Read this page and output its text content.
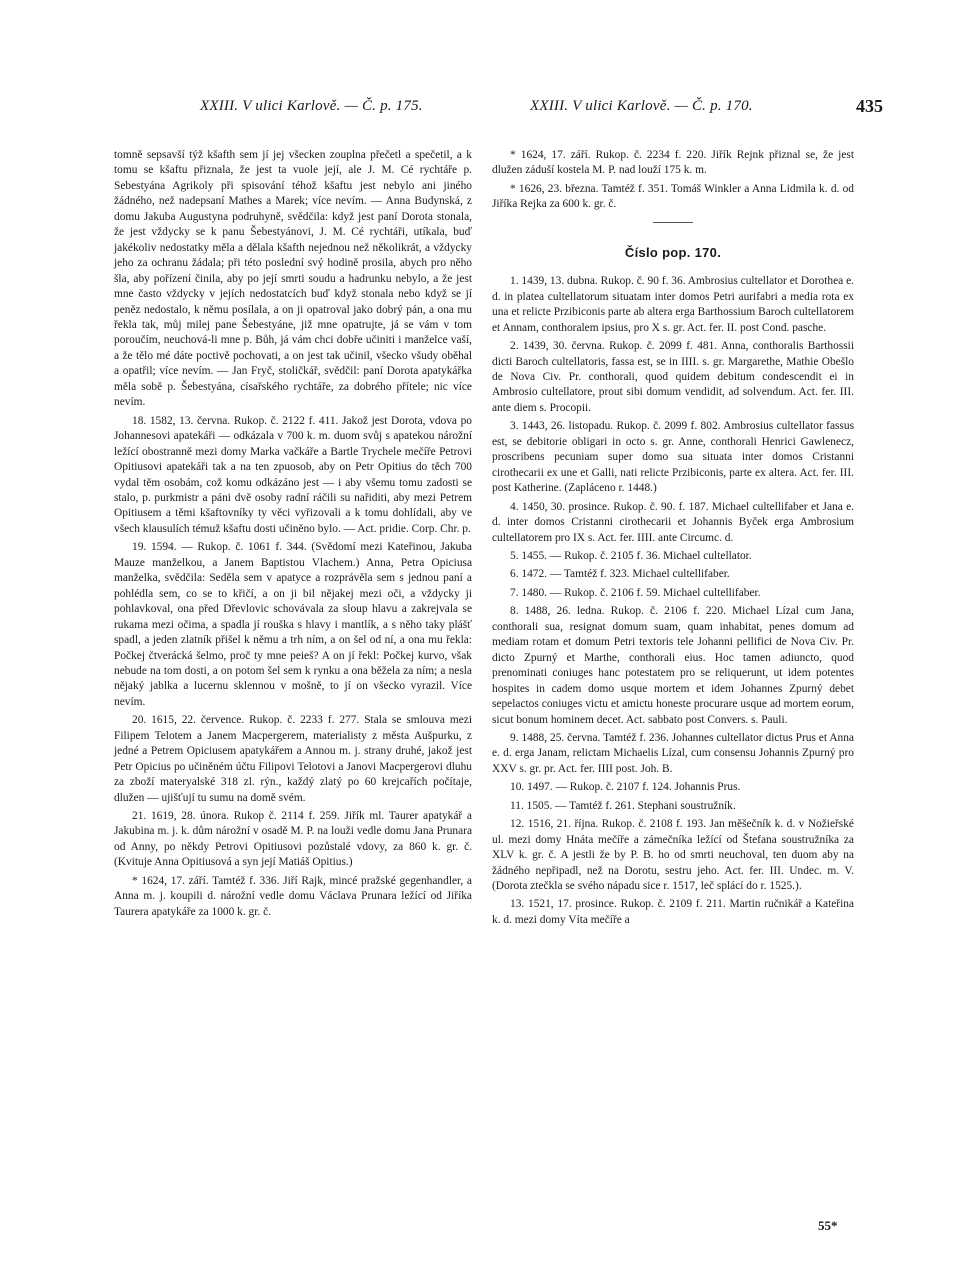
XXIII. V ulici Karlově. — Č. p. 175.	XXIII. V ulici Karlově. — Č. p. 170.	435

tomně sepsavší týž kšafth sem jí jej všecken zouplna přečetl a spečetil, a k tomu se kšaftu přiznala, že jest ta vuole její, ale J. M. Cé rychtáře p. Sebestyána Agrikoly při spisování téhož kšaftu jest nebylo ani jiného žádného, než nadepsaní Mathes a Marek; více nevím. — Anna Budynská, z domu Jakuba Augustyna podruhyně, svědčila: když jest paní Dorota stonala, že jest vždycky se k panu Šebestyánovi, J. M. Cé rychtáři, utíkala, buď jakékoliv nedostatky měla a dělala kšafth nejednou než několikrát, a vždycky jeho za ochranu žádala; při této poslední svý hodině prosila, abych pro něho šla, aby pořízení činila, aby po její smrti soudu a hadrunku nebylo, a že jest mne často vždycky v jejích nedostatcích buď když stonala nebo když se jí peněz nedostalo, k němu posílala, a on ji opatroval jako dobrý pán, a ona mu řekla tak, můj milej pane Šebestyáne, již mne opatrujte, já se vám v tom poroučím, neuchová-li mne p. Bůh, já vám chci dobře učiniti i manželce vaší, a že tělo mé dáte poctivě pochovati, a on jest tak učinil, všecko všudy oběhal a opatřil; více nevím. — Jan Fryč, stoličkář, svědčil: paní Dorota apatykářka měla sobě p. Šebestyána, císařského rychtáře, za dobrého přítele; nic více nevím.

18. 1582, 13. června. Rukop. č. 2122 f. 411. Jakož jest Dorota, vdova po Johannesovi apatekáři — odkázala v 700 k. m. duom svůj s apatekou nárožní ležící obostranně mezi domy Marka vačkáře a Bartle Trychele mečíře Petrovi Opitiusovi apatekáři tak a na ten zpuosob, aby on Petr Opitius do těch 700 vydal těm osobám, což komu odkázáno jest — i aby všemu tomu zadosti se stalo, p. purkmistr a páni dvě osoby radní ráčili su nařiditi, aby mezi Petrem Opitiusem a těmi kšaftovníky ty věci vyřizovali a k tomu dohlídali, aby ve všech klausulích témuž kšaftu dosti učiněno bylo. — Act. pridie. Corp. Chr. p.

19. 1594. — Rukop. č. 1061 f. 344. (Svědomí mezi Kateřinou, Jakuba Mauze manželkou, a Janem Baptistou Vlachem.) Anna, Petra Opiciusa manželka, svědčila: Seděla sem v apatyce a rozprávěla sem s jednou paní a pohlédla sem, co se to křičí, a on ji bil nějakej mezi oči, a vždycky ji pohlavkoval, ona před Dřevlovic schovávala za sloup hlavu a zakrejvala se rukama mezi očima, a spadla jí rouška s hlavy i mantlík, a s něho taky plášť spadl, a jeden zlatník přišel k němu a trh ním, a on šel od ní, a ona mu řekla: Počkej čtverácká šelmo, proč ty mne peieš? A on jí řekl: Počkej kurvo, však nebude na tom dosti, a on potom šel sem k rynku a ona běžela za ním; a nesla nějaký jablka a lucernu sklennou v mošně, to jí on všecko vyrazil. Více nevím.

20. 1615, 22. července. Rukop. č. 2233 f. 277. Stala se smlouva mezi Filipem Telotem a Janem Macpergerem, materialisty z města Aušpurku, z jedné a Petrem Opiciusem apatykářem a Annou m. j. strany druhé, jakož jest Petr Opicius po učiněném účtu Filipovi Telotovi a Janovi Macpergerovi dluhu za zboží materyalské 318 zl. rýn., každý zlatý po 60 krejcařích počítaje, dlužen — ujišťují tu sumu na domě svém.

21. 1619, 28. února. Rukop č. 2114 f. 259. Jiřík ml. Taurer apatykář a Jakubina m. j. k. dům nárožní v osadě M. P. na louži vedle domu Jana Prunara od Anny, po někdy Petrovi Opitiusovi pozůstalé vdovy, za 860 k. gr. č. (Kvituje Anna Opitiusová a syn její Matiáš Opitius.)

* 1624, 17. září. Tamtéž f. 336. Jiří Rajk, mincé pražské gegenhandler, a Anna m. j. koupili d. nárožní vedle domu Václava Prunara ležící od Jiříka Taurera apatykáře za 1000 k. gr. č.

* 1624, 17. září. Rukop. č. 2234 f. 220. Jiřík Rejnk přiznal se, že jest dlužen záduší kostela M. P. nad louží 175 k. m.

* 1626, 23. března. Tamtéž f. 351. Tomáš Winkler a Anna Lidmila k. d. od Jiříka Rejka za 600 k. gr. č.

Číslo pop. 170.

1. 1439, 13. dubna. Rukop. č. 90 f. 36. Ambrosius cultellator et Dorothea e. d. in platea cultellatorum situatam inter domos Petri aurifabri a media rota ex una et relicte Przibiconis parte ab altera erga Barthossium Baroch cultellatorem et Annam, conthoralem ipsius, pro X s. gr. Act. fer. II. post Cond. pasche.

2. 1439, 30. června. Rukop. č. 2099 f. 481. Anna, conthoralis Barthossii dicti Baroch cultellatoris, fassa est, se in IIII. s. gr. Margarethe, Mathie Obešlo de Nova Civ. Pr. conthorali, quod quidem debitum condescendit ei in Ambrosio cultellatore, prout sibi domum vendidit, ad solvendum. Act. fer. III. ante diem s. Procopii.

3. 1443, 26. listopadu. Rukop. č. 2099 f. 802. Ambrosius cultellator fassus est, se debitorie obligari in octo s. gr. Anne, conthorali Henrici Gawlenecz, proscribens pecuniam super domo sua situata inter domos Cristanni cirothecarii ex une et Galli, nati relicte Przibiconis, parte ex altera. Act. fer. III. post Katherine. (Zapláceno r. 1448.)

4. 1450, 30. prosince. Rukop. č. 90. f. 187. Michael cultellifaber et Jana e. d. inter domos Cristanni cirothecarii et Johannis Byček erga Ambrosium cultellatorem pro IX s. Act. fer. IIII. ante Circumc. d.

5. 1455. — Rukop. č. 2105 f. 36. Michael cultellator.

6. 1472. — Tamtéž f. 323. Michael cultellifaber.

7. 1480. — Rukop. č. 2106 f. 59. Michael cultellifaber.

8. 1488, 26. ledna. Rukop. č. 2106 f. 220. Michael Lízal cum Jana, conthorali sua, resignat domum suam, quam inhabitat, penes domum ad mediam rotam et domum Petri textoris tele Johanni pellifici de Nova Civ. Pr. dicto Zpurný et Marthe, conthorali eius. Hoc tamen adiuncto, quod prenominati coniuges hanc potestatem pro se reliquerunt, ut idem potentes hospites in cadem domo usque mortem et idem Johannes Zpurný debet sepelactos coniuges victu et amictu honeste procurare usque ad mortem eorum, sicut bonum hominem decet. Act. sabbato post Convers. s. Pauli.

9. 1488, 25. června. Tamtéž f. 236. Johannes cultellator dictus Prus et Anna e. d. erga Janam, relictam Michaelis Lízal, cum consensu Johannis Zpurný pro XXV s. gr. pr. Act. fer. IIII post. Joh. B.

10. 1497. — Rukop. č. 2107 f. 124. Johannis Prus.

11. 1505. — Tamtéž f. 261. Stephani soustružník.

12. 1516, 21. října. Rukop. č. 2108 f. 193. Jan měšečník k. d. v Nožieřské ul. mezi domy Hnáta mečíře a zámečníka ležící od Štefana soustružníka za XLV k. gr. č. A jestli že by P. B. ho od smrti neuchoval, ten duom aby na žádného nepřipadl, než na Dorotu, sestru jeho. Act. fer. III. Undec. m. V. (Dorota ztečkla se svého nápadu sice r. 1517, leč splácí do r. 1525.).

13. 1521, 17. prosince. Rukop. č. 2109 f. 211. Martin ručnikář a Kateřina k. d. mezi domy Víta mečíře a

55*
